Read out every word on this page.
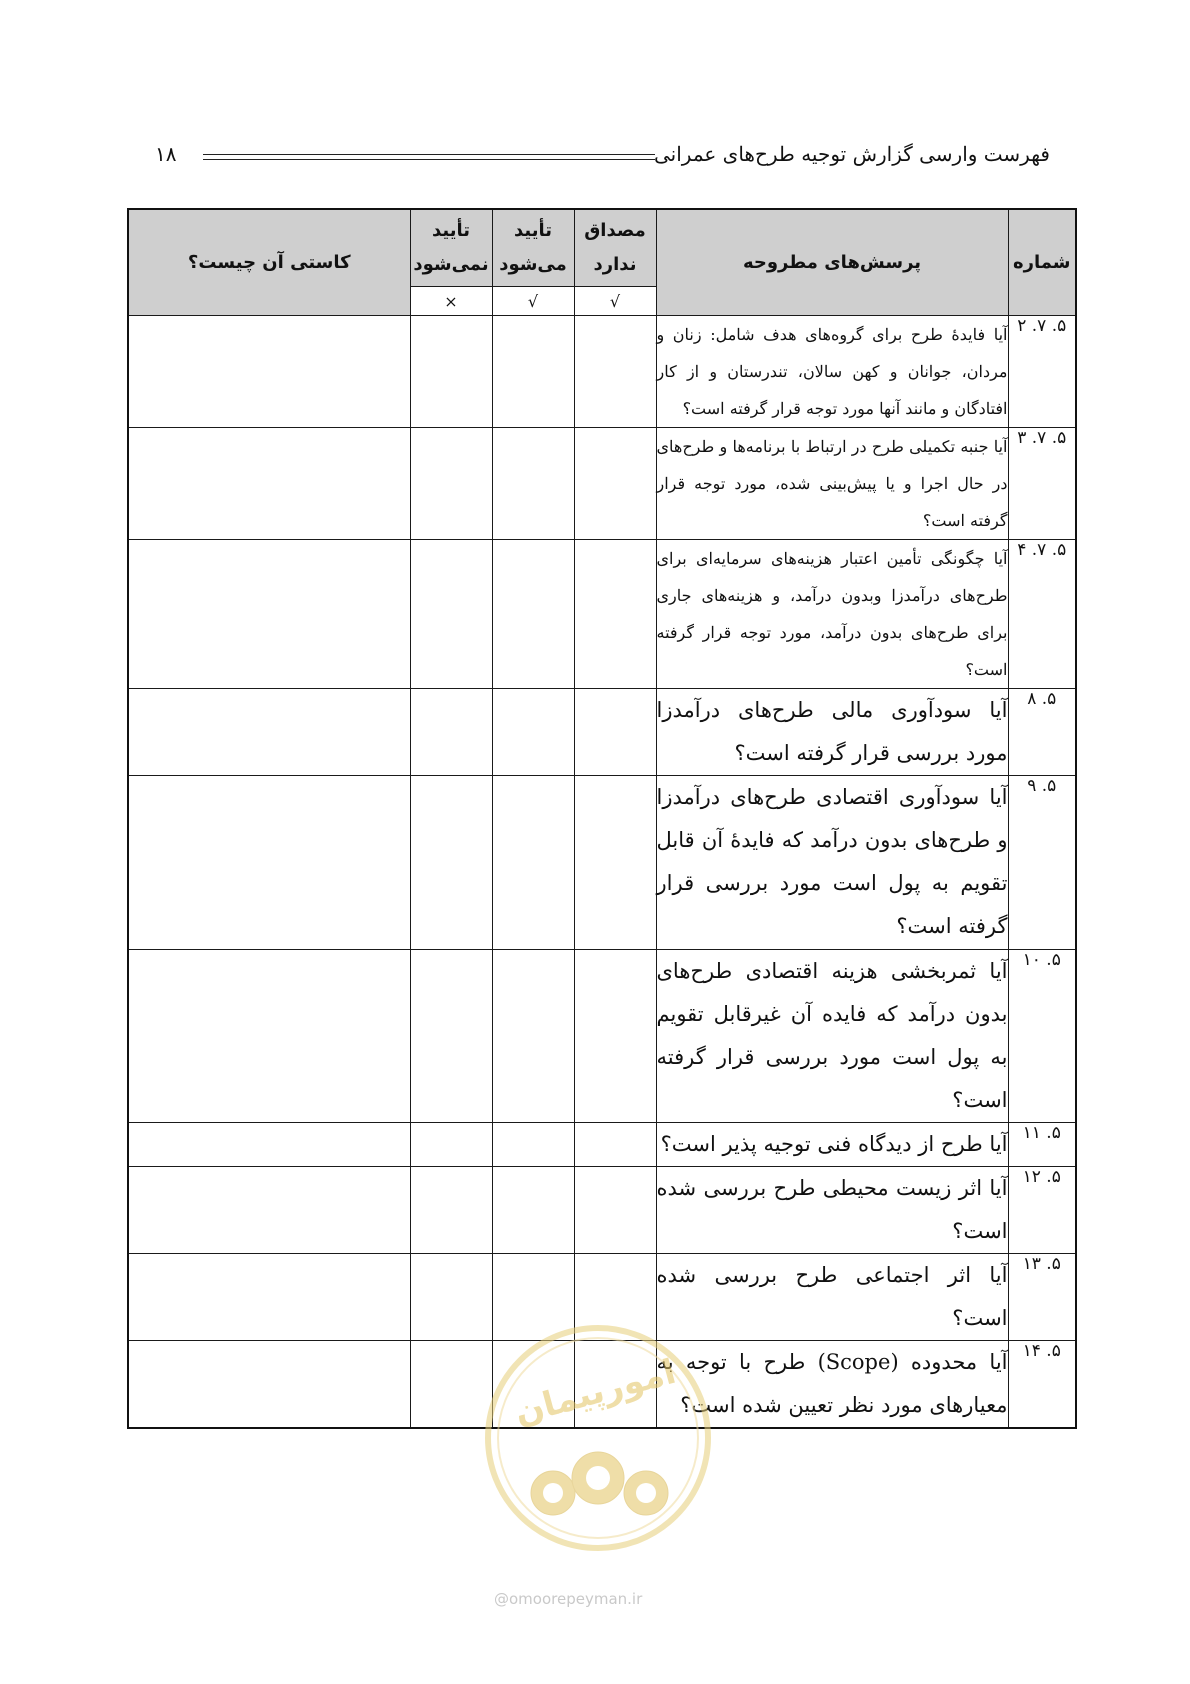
فهرست وارسی گزارش توجیه طرح‌های عمرانی
۱۸
شماره	پرسش‌های مطروحه	مصداق ندارد	تأیید می‌شود	تأیید نمی‌شود	کاستی آن چیست؟
		√	√	×	
۵. ۷. ۲	آیا فایدهٔ طرح برای گروه‌های هدف شامل: زنان و مردان، جوانان و کهن سالان، تندرستان و از کار افتادگان و مانند آنها مورد توجه قرار گرفته است؟				
۵. ۷. ۳	آیا جنبه تکمیلی طرح در ارتباط با برنامه‌ها و طرح‌های در حال اجرا و یا پیش‌بینی شده، مورد توجه قرار گرفته است؟				
۵. ۷. ۴	آیا چگونگی تأمین اعتبار هزینه‌های سرمایه‌ای برای طرح‌های درآمدزا وبدون درآمد، و هزینه‌های جاری برای طرح‌های بدون درآمد، مورد توجه قرار گرفته است؟				
۵. ۸	آیا سودآوری مالی طرح‌های درآمدزا مورد بررسی قرار گرفته است؟				
۵. ۹	آیا سودآوری اقتصادی طرح‌های درآمدزا و طرح‌های بدون درآمد که فایدهٔ آن قابل تقویم به پول است مورد بررسی قرار گرفته است؟				
۵. ۱۰	آیا ثمربخشی هزینه اقتصادی طرح‌های بدون درآمد که فایده آن غیرقابل تقویم به پول است مورد بررسی قرار گرفته است؟				
۵. ۱۱	آیا طرح از دیدگاه فنی توجیه پذیر است؟				
۵. ۱۲	آیا اثر زیست محیطی طرح بررسی شده است؟				
۵. ۱۳	آیا اثر اجتماعی طرح بررسی شده است؟				
۵. ۱۴	آیا محدوده (Scope) طرح با توجه به معیارهای مورد نظر تعیین شده است؟				
امورپیمان
@omoorepeyman.ir
